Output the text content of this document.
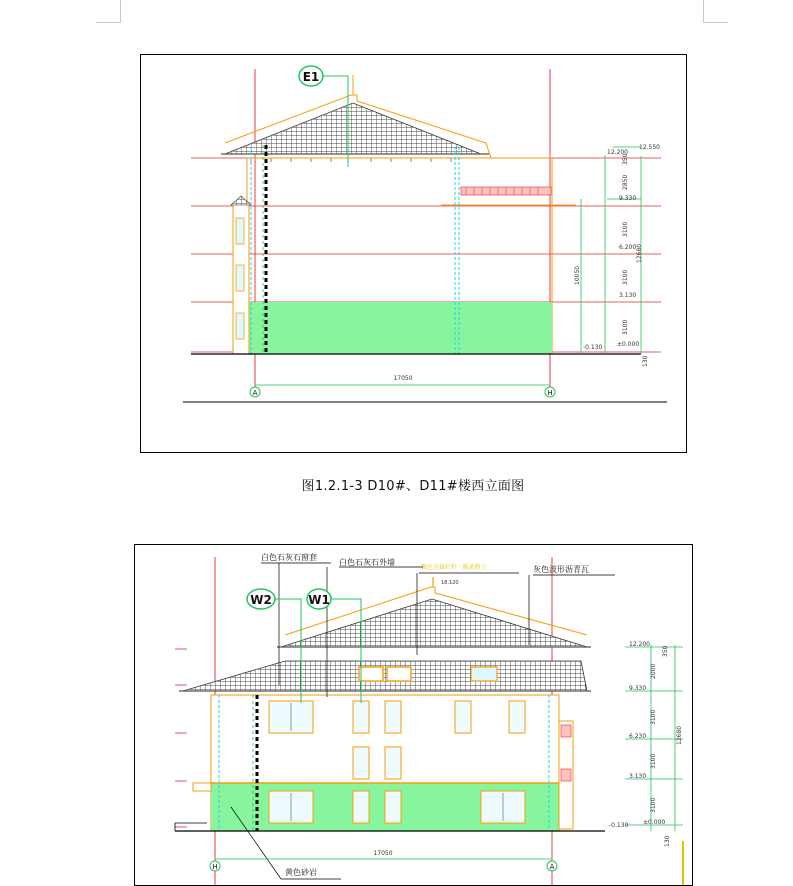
E1
12.200
12.550
9.330
6.200
3.130
±0.000
-0.130
350
2850
3100
3100
3100
130
10050
12680
17050
A	H
图1.2.1-3 D10#、D11#楼西立面图
白色石灰石窗套
白色石灰石外墙
褐色金属栏杆 · 暖黄格子	灰色波形沥青瓦
黄色砂岩
18.120
W2	W1
12.200
9.330
6.230
3.130
±0.000
-0.130
350
2000
3100
3100
3100
130
12680
17050
H	A
